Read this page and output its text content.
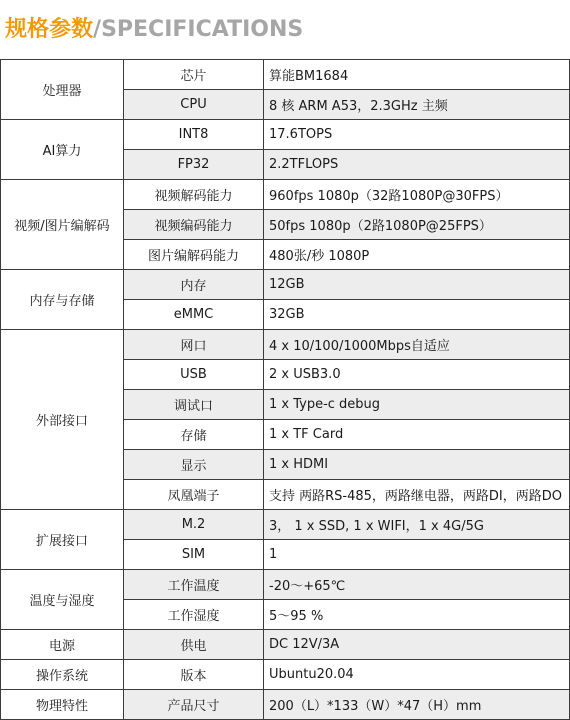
规格参数/SPECIFICATIONS
处理器	芯片	算能BM1684
	CPU	8 核 ARM A53，2.3GHz 主频
AI算力	INT8	17.6TOPS
	FP32	2.2TFLOPS
视频/图片编解码	视频解码能力	960fps 1080p（32路1080P@30FPS）
	视频编码能力	50fps 1080p（2路1080P@25FPS）
	图片编解码能力	480张/秒 1080P
内存与存储	内存	12GB
	eMMC	32GB
外部接口	网口	4 x 10/100/1000Mbps自适应
	USB	2 x USB3.0
	调试口	1 x Type-c debug
	存储	1 x TF Card
	显示	1 x HDMI
	凤凰端子	支持 两路RS-485，两路继电器，两路DI，两路DO
扩展接口	M.2	3， 1 x SSD, 1 x WIFI，1 x 4G/5G
	SIM	1
温度与湿度	工作温度	-20～+65℃
	工作湿度	5～95 %
电源	供电	DC 12V/3A
操作系统	版本	Ubuntu20.04
物理特性	产品尺寸	200（L）*133（W）*47（H）mm
